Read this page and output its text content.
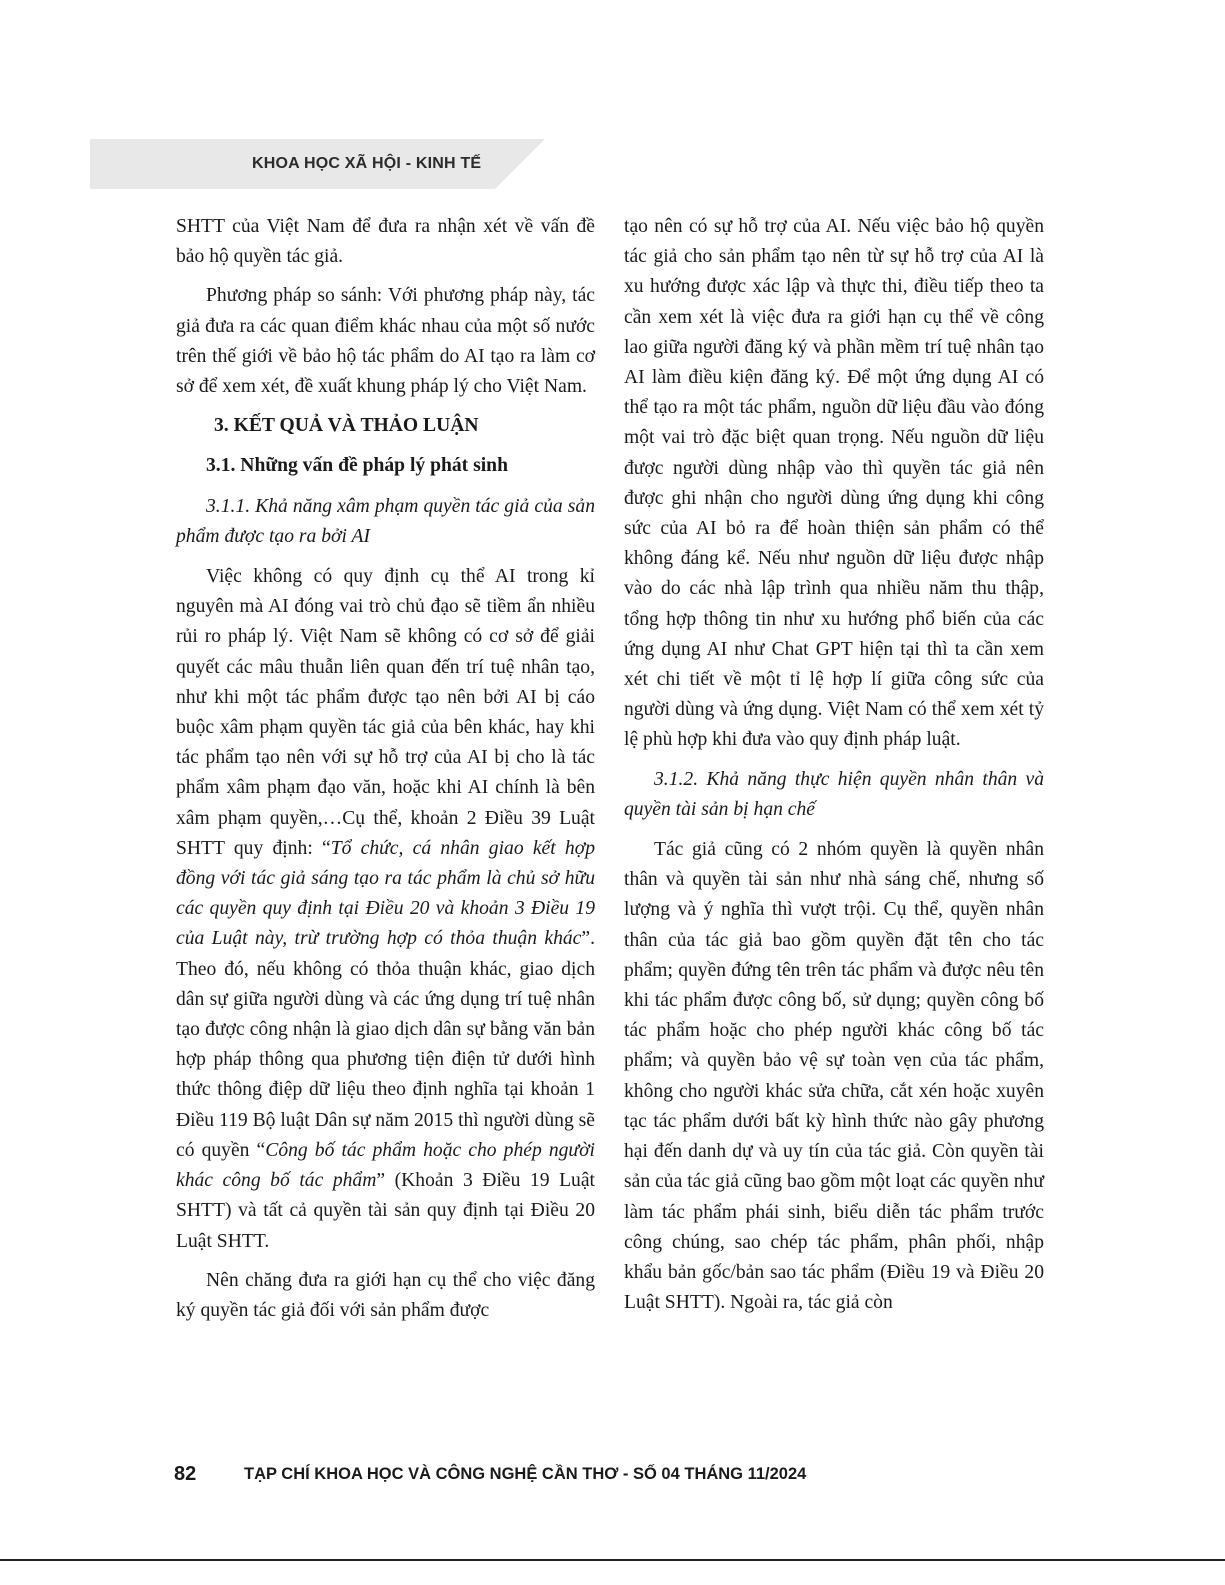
KHOA HỌC XÃ HỘI - KINH TẾ

SHTT của Việt Nam để đưa ra nhận xét về vấn đề bảo hộ quyền tác giả.

Phương pháp so sánh: Với phương pháp này, tác giả đưa ra các quan điểm khác nhau của một số nước trên thế giới về bảo hộ tác phẩm do AI tạo ra làm cơ sở để xem xét, đề xuất khung pháp lý cho Việt Nam.

3. KẾT QUẢ VÀ THẢO LUẬN
3.1. Những vấn đề pháp lý phát sinh
3.1.1. Khả năng xâm phạm quyền tác giả của sản phẩm được tạo ra bởi AI

Việc không có quy định cụ thể AI trong kỉ nguyên mà AI đóng vai trò chủ đạo sẽ tiềm ẩn nhiều rủi ro pháp lý. Việt Nam sẽ không có cơ sở để giải quyết các mâu thuẫn liên quan đến trí tuệ nhân tạo, như khi một tác phẩm được tạo nên bởi AI bị cáo buộc xâm phạm quyền tác giả của bên khác, hay khi tác phẩm tạo nên với sự hỗ trợ của AI bị cho là tác phẩm xâm phạm đạo văn, hoặc khi AI chính là bên xâm phạm quyền,…Cụ thể, khoản 2 Điều 39 Luật SHTT quy định: “Tổ chức, cá nhân giao kết hợp đồng với tác giả sáng tạo ra tác phẩm là chủ sở hữu các quyền quy định tại Điều 20 và khoản 3 Điều 19 của Luật này, trừ trường hợp có thỏa thuận khác”. Theo đó, nếu không có thỏa thuận khác, giao dịch dân sự giữa người dùng và các ứng dụng trí tuệ nhân tạo được công nhận là giao dịch dân sự bằng văn bản hợp pháp thông qua phương tiện điện tử dưới hình thức thông điệp dữ liệu theo định nghĩa tại khoản 1 Điều 119 Bộ luật Dân sự năm 2015 thì người dùng sẽ có quyền “Công bố tác phẩm hoặc cho phép người khác công bố tác phẩm” (Khoản 3 Điều 19 Luật SHTT) và tất cả quyền tài sản quy định tại Điều 20 Luật SHTT.

Nên chăng đưa ra giới hạn cụ thể cho việc đăng ký quyền tác giả đối với sản phẩm được

tạo nên có sự hỗ trợ của AI. Nếu việc bảo hộ quyền tác giả cho sản phẩm tạo nên từ sự hỗ trợ của AI là xu hướng được xác lập và thực thi, điều tiếp theo ta cần xem xét là việc đưa ra giới hạn cụ thể về công lao giữa người đăng ký và phần mềm trí tuệ nhân tạo AI làm điều kiện đăng ký. Để một ứng dụng AI có thể tạo ra một tác phẩm, nguồn dữ liệu đầu vào đóng một vai trò đặc biệt quan trọng. Nếu nguồn dữ liệu được người dùng nhập vào thì quyền tác giả nên được ghi nhận cho người dùng ứng dụng khi công sức của AI bỏ ra để hoàn thiện sản phẩm có thể không đáng kể. Nếu như nguồn dữ liệu được nhập vào do các nhà lập trình qua nhiều năm thu thập, tổng hợp thông tin như xu hướng phổ biến của các ứng dụng AI như Chat GPT hiện tại thì ta cần xem xét chi tiết về một tỉ lệ hợp lí giữa công sức của người dùng và ứng dụng. Việt Nam có thể xem xét tỷ lệ phù hợp khi đưa vào quy định pháp luật.

3.1.2. Khả năng thực hiện quyền nhân thân và quyền tài sản bị hạn chế

Tác giả cũng có 2 nhóm quyền là quyền nhân thân và quyền tài sản như nhà sáng chế, nhưng số lượng và ý nghĩa thì vượt trội. Cụ thể, quyền nhân thân của tác giả bao gồm quyền đặt tên cho tác phẩm; quyền đứng tên trên tác phẩm và được nêu tên khi tác phẩm được công bố, sử dụng; quyền công bố tác phẩm hoặc cho phép người khác công bố tác phẩm; và quyền bảo vệ sự toàn vẹn của tác phẩm, không cho người khác sửa chữa, cắt xén hoặc xuyên tạc tác phẩm dưới bất kỳ hình thức nào gây phương hại đến danh dự và uy tín của tác giả. Còn quyền tài sản của tác giả cũng bao gồm một loạt các quyền như làm tác phẩm phái sinh, biểu diễn tác phẩm trước công chúng, sao chép tác phẩm, phân phối, nhập khẩu bản gốc/bản sao tác phẩm (Điều 19 và Điều 20 Luật SHTT). Ngoài ra, tác giả còn

82	TẠP CHÍ KHOA HỌC VÀ CÔNG NGHỆ CẦN THƠ - SỐ 04 THÁNG 11/2024
